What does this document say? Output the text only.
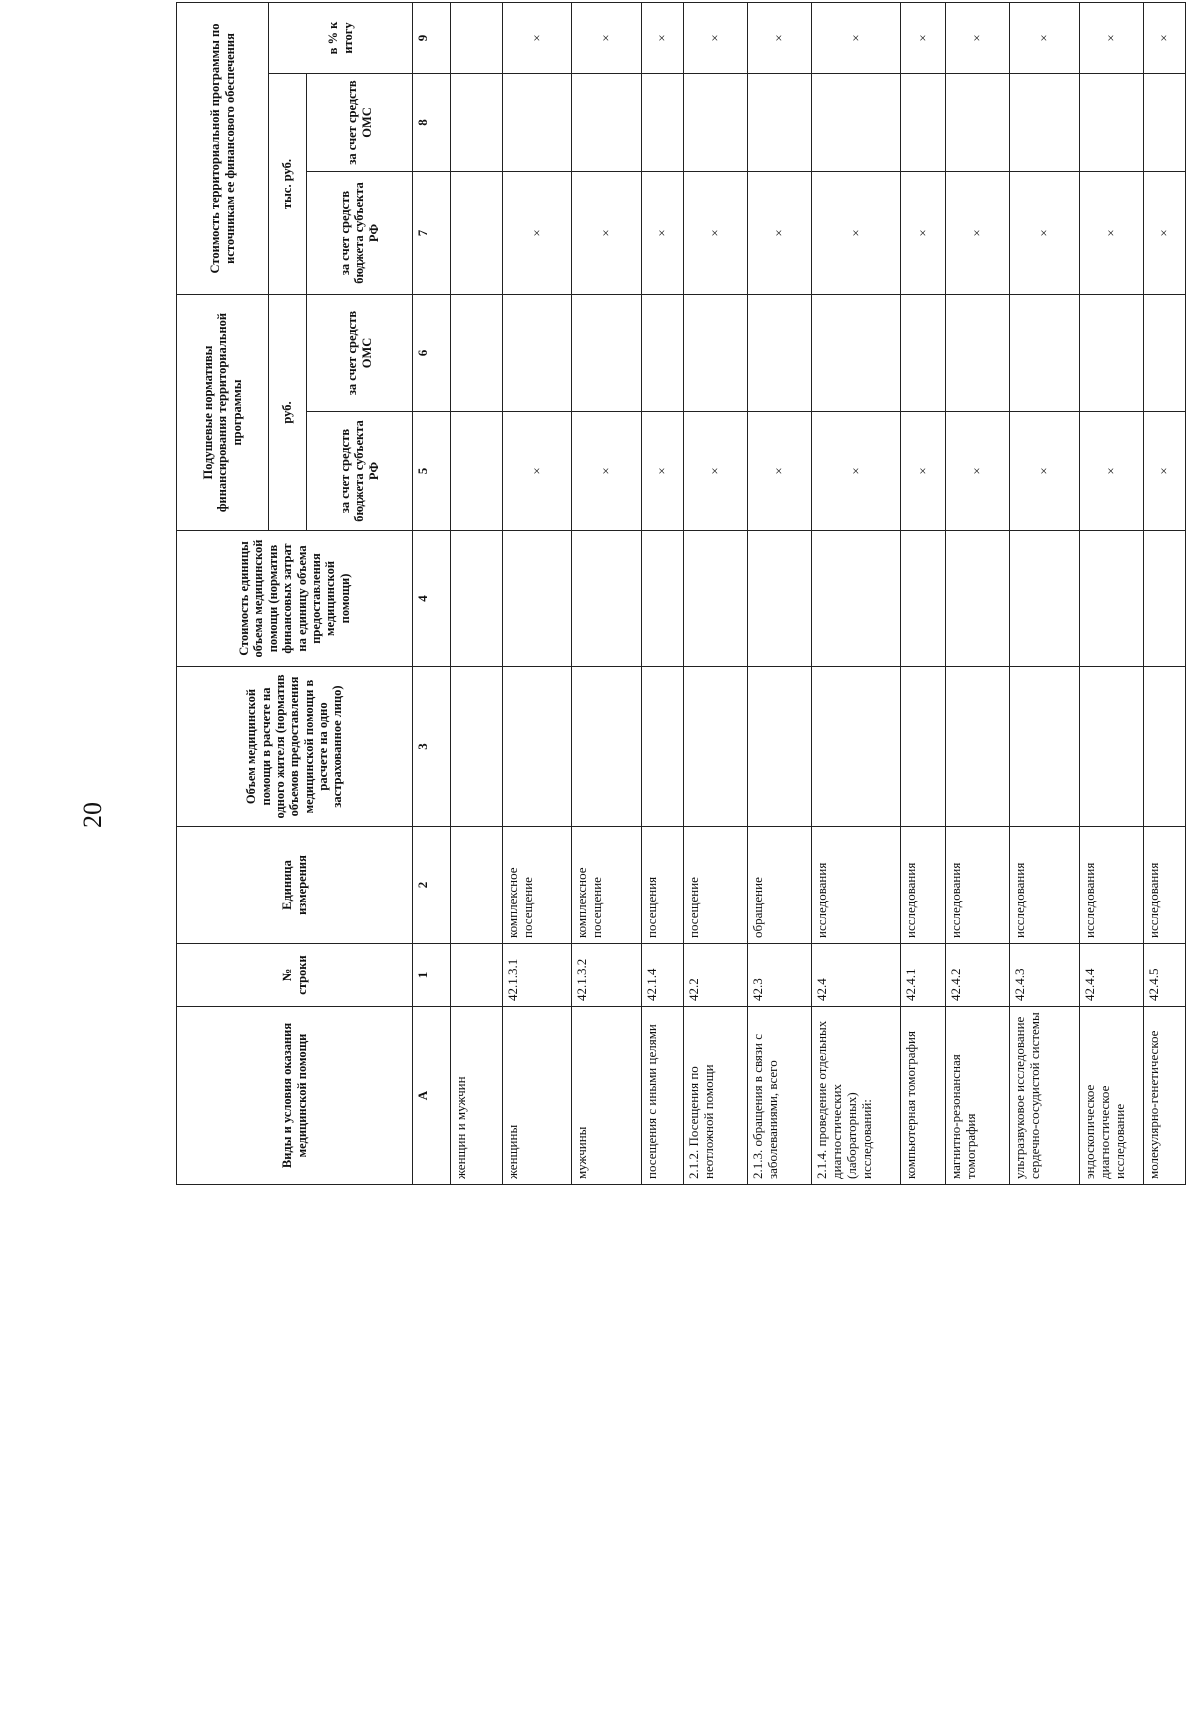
20
Виды и условия оказания медицинской помощи	№ строки	Единица измерения	Объем медицинской помощи в расчете на одного жителя (норматив объемов предоставления медицинской помощи в расчете на одно застрахованное лицо)	Стоимость единицы объема медицинской помощи (норматив финансовых затрат на единицу объема предоставления медицинской помощи)	Подушевые нормативы финансирования территориальной программы		Стоимость территориальной программы по источникам ее финансового обеспечения		
					руб.		тыс. руб.		в % к итогу
					за счет средств бюджета субъекта РФ	за счет средств ОМС	за счет средств бюджета субъекта РФ	за счет средств ОМС	
А	1	2	3	4	5	6	7	8	9
женщин и мужчин									
женщины	42.1.3.1	комплексное посещение			×		×		×
мужчины	42.1.3.2	комплексное посещение			×		×		×
посещения с иными целями	42.1.4	посещения			×		×		×
2.1.2. Посещения по неотложной помощи	42.2	посещение			×		×		×
2.1.3. обращения в связи с заболеваниями, всего	42.3	обращение			×		×		×
2.1.4. проведение отдельных диагностических (лабораторных) исследований:	42.4	исследования			×		×		×
компьютерная томография	42.4.1	исследования			×		×		×
магнитно-резонансная томография	42.4.2	исследования			×		×		×
ультразвуковое исследование сердечно-сосудистой системы	42.4.3	исследования			×		×		×
эндоскопическое диагностическое исследование	42.4.4	исследования			×		×		×
молекулярно-генетическое	42.4.5	исследования			×		×		×
